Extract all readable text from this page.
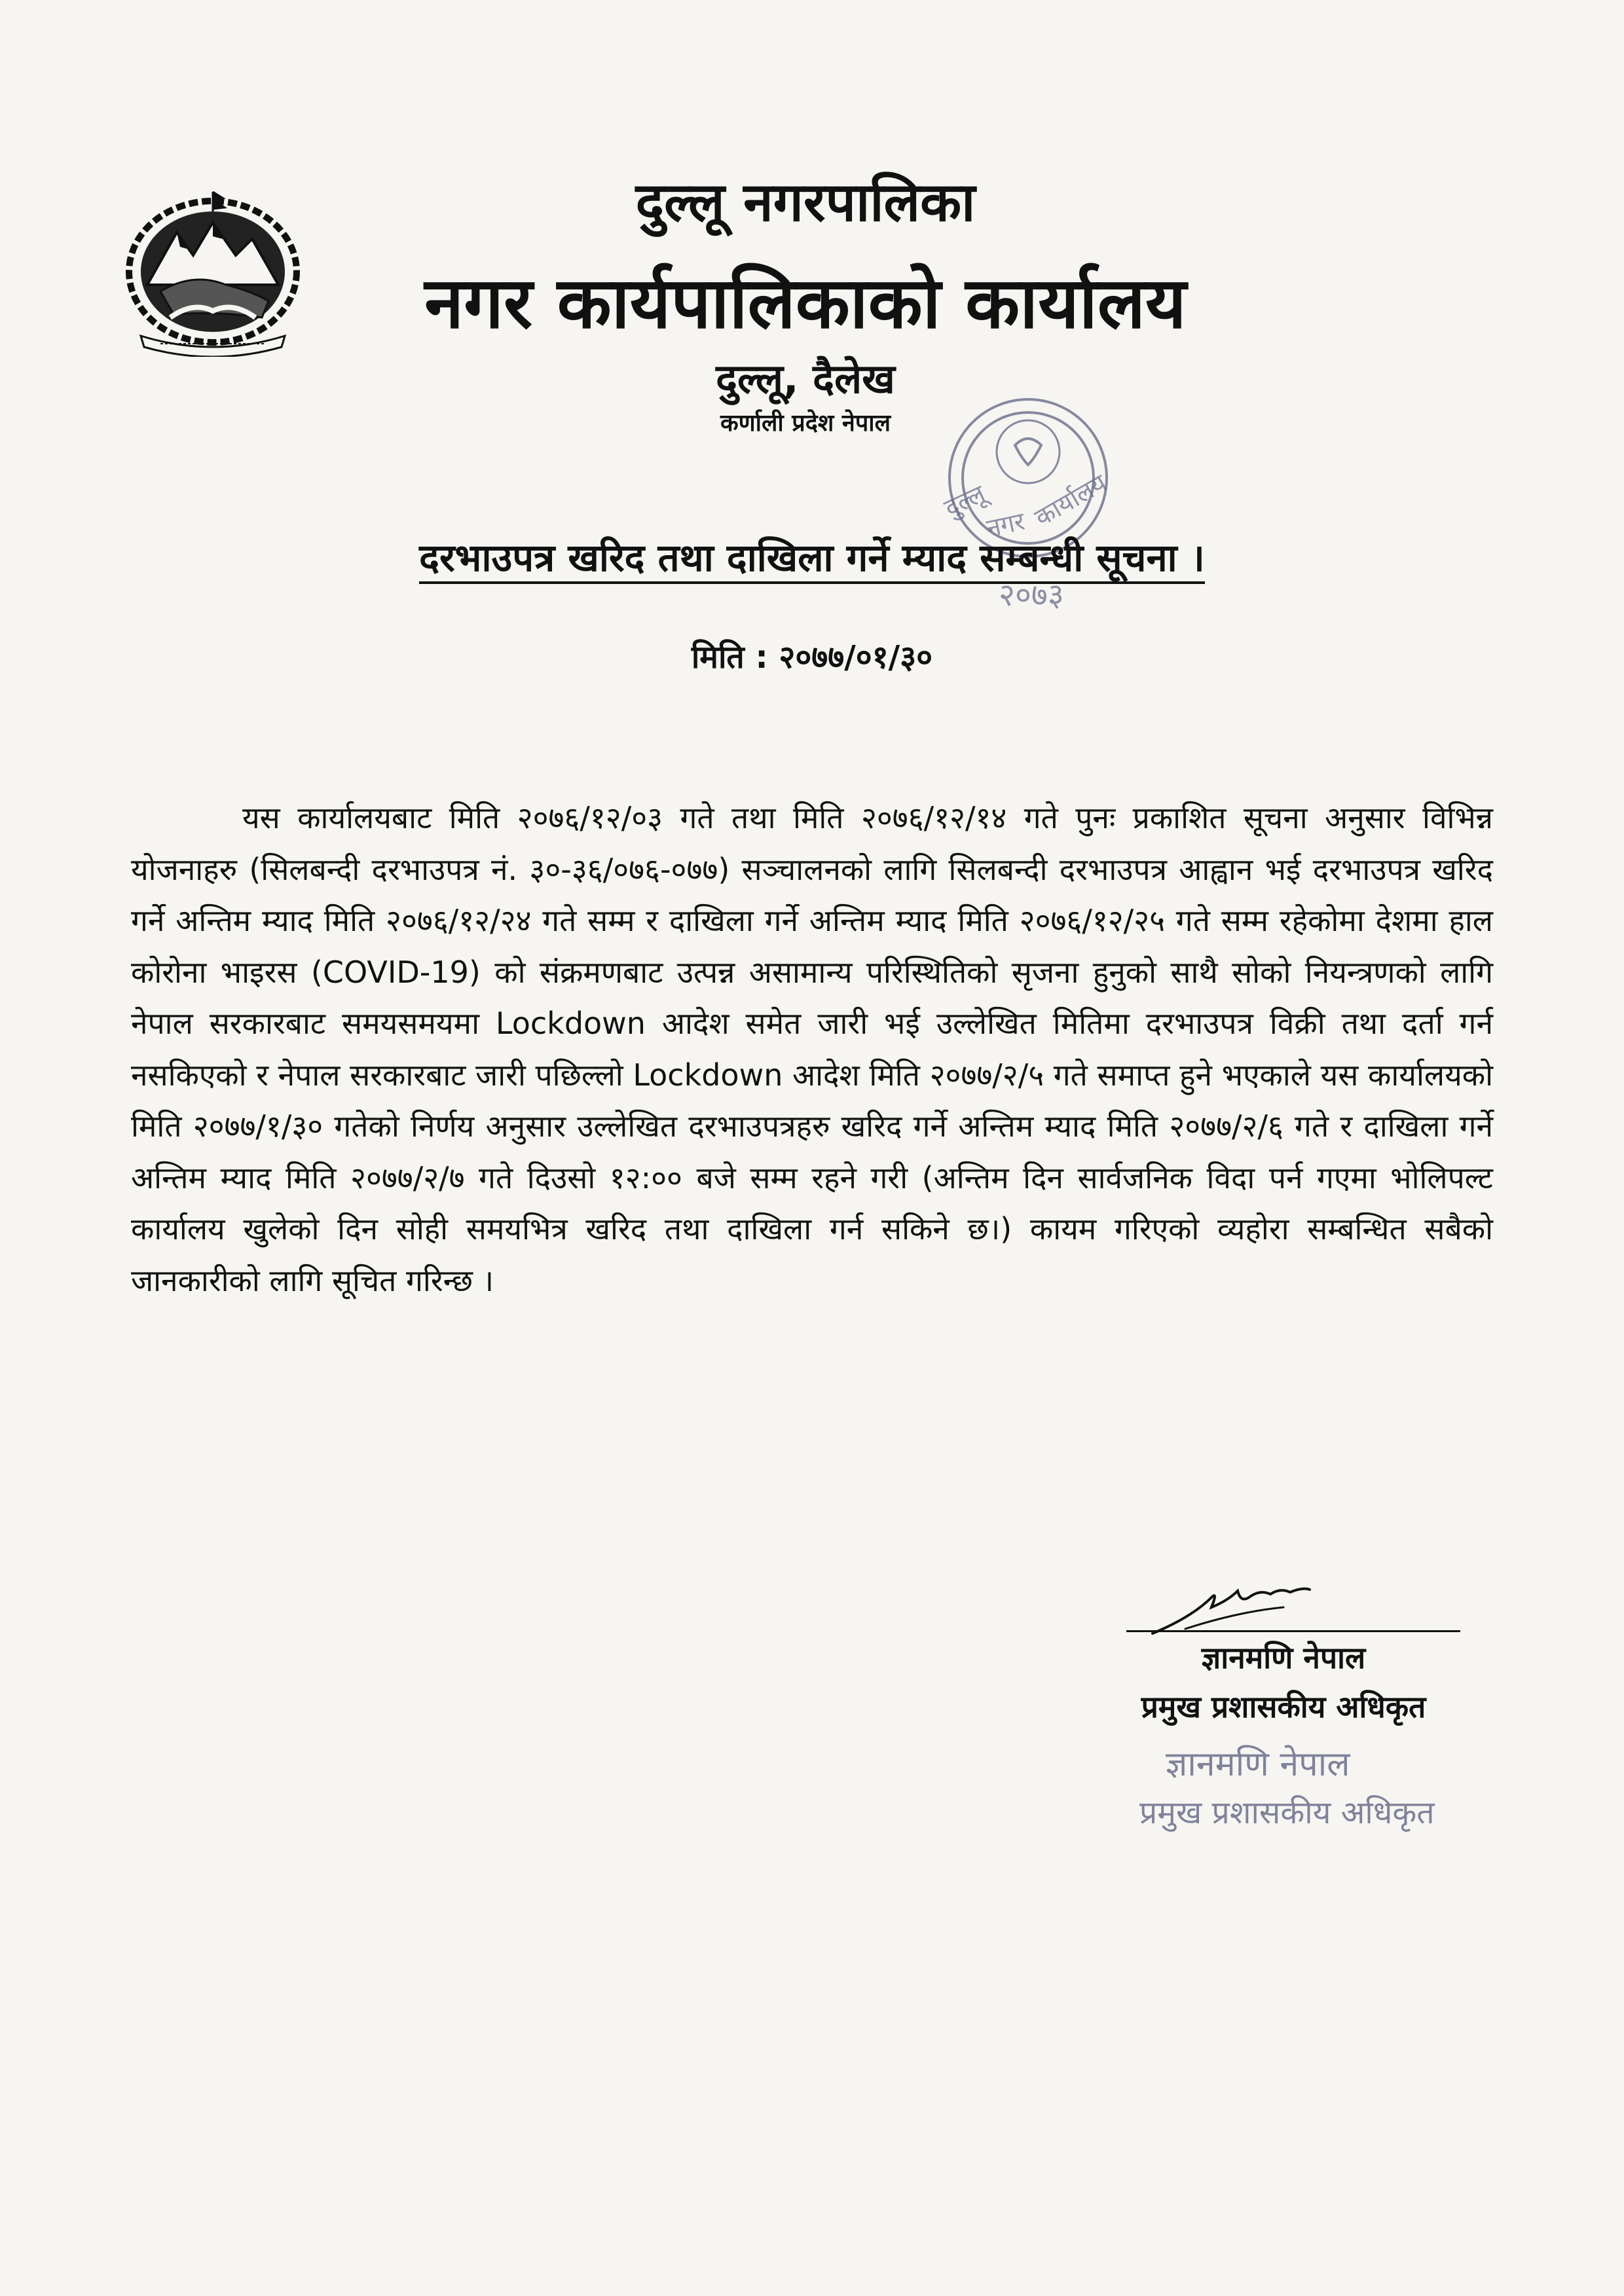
दुल्लू नगरपालिका
नगर कार्यपालिकाको कार्यालय
दुल्लू, दैलेख
कर्णाली प्रदेश नेपाल
दुल्लू
नगर कार्यालय
२०७३
दरभाउपत्र खरिद तथा दाखिला गर्ने म्याद सम्बन्धी सूचना ।
मिति : २०७७/०१/३०

यस कार्यालयबाट मिति २०७६/१२/०३ गते तथा मिति २०७६/१२/१४ गते पुनः प्रकाशित सूचना अनुसार विभिन्न योजनाहरु (सिलबन्दी दरभाउपत्र नं. ३०-३६/०७६-०७७) सञ्चालनको लागि सिलबन्दी दरभाउपत्र आह्वान भई दरभाउपत्र खरिद गर्ने अन्तिम म्याद मिति २०७६/१२/२४ गते सम्म र दाखिला गर्ने अन्तिम म्याद मिति २०७६/१२/२५ गते सम्म रहेकोमा देशमा हाल कोरोना भाइरस (COVID-19) को संक्रमणबाट उत्पन्न असामान्य परिस्थितिको सृजना हुनुको साथै सोको नियन्त्रणको लागि नेपाल सरकारबाट समयसमयमा Lockdown आदेश समेत जारी भई उल्लेखित मितिमा दरभाउपत्र विक्री तथा दर्ता गर्न नसकिएको र नेपाल सरकारबाट जारी पछिल्लो Lockdown आदेश मिति २०७७/२/५ गते समाप्त हुने भएकाले यस कार्यालयको मिति २०७७/१/३० गतेको निर्णय अनुसार उल्लेखित दरभाउपत्रहरु खरिद गर्ने अन्तिम म्याद मिति २०७७/२/६ गते र दाखिला गर्ने अन्तिम म्याद मिति २०७७/२/७ गते दिउसो १२:०० बजे सम्म रहने गरी (अन्तिम दिन सार्वजनिक विदा पर्न गएमा भोलिपल्ट कार्यालय खुलेको दिन सोही समयभित्र खरिद तथा दाखिला गर्न सकिने छ।) कायम गरिएको व्यहोरा सम्बन्धित सबैको जानकारीको लागि सूचित गरिन्छ ।

ज्ञानमणि नेपाल
प्रमुख प्रशासकीय अधिकृत
ज्ञानमणि नेपाल
प्रमुख प्रशासकीय अधिकृत
